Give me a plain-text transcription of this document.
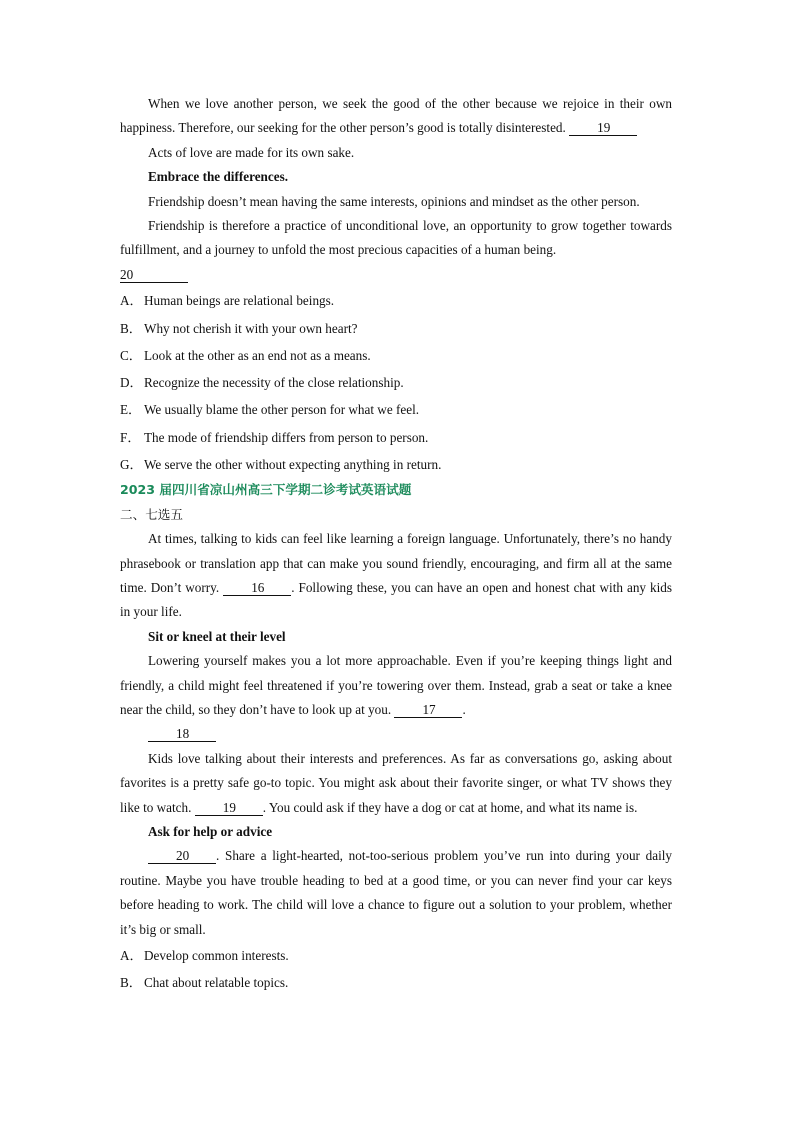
When we love another person, we seek the good of the other because we rejoice in their own happiness. Therefore, our seeking for the other person’s good is totally disinterested. 19

Acts of love are made for its own sake.

Embrace the differences.

Friendship doesn’t mean having the same interests, opinions and mindset as the other person.

Friendship is therefore a practice of unconditional love, an opportunity to grow together towards fulfillment, and a journey to unfold the most precious capacities of a human being.

20

A．Human beings are relational beings.

B． Why not cherish it with your own heart?

C． Look at the other as an end not as a means.

D．Recognize the necessity of the close relationship.

E． We usually blame the other person for what we feel.

F． The mode of friendship differs from person to person.

G．We serve the other without expecting anything in return.

2023 届四川省凉山州高三下学期二诊考试英语试题

二、七选五

At times, talking to kids can feel like learning a foreign language. Unfortunately, there’s no handy phrasebook or translation app that can make you sound friendly, encouraging, and firm all at the same time. Don’t worry. 16 . Following these, you can have an open and honest chat with any kids in your life.

Sit or kneel at their level

Lowering yourself makes you a lot more approachable. Even if you’re keeping things light and friendly, a child might feel threatened if you’re towering over them. Instead, grab a seat or take a knee near the child, so they don’t have to look up at you. 17 .

18

Kids love talking about their interests and preferences. As far as conversations go, asking about favorites is a pretty safe go-to topic. You might ask about their favorite singer, or what TV shows they like to watch. 19 . You could ask if they have a dog or cat at home, and what its name is.

Ask for help or advice

20 . Share a light-hearted, not-too-serious problem you’ve run into during your daily routine. Maybe you have trouble heading to bed at a good time, or you can never find your car keys before heading to work. The child will love a chance to figure out a solution to your problem, whether it’s big or small.

A．Develop common interests.

B． Chat about relatable topics.
